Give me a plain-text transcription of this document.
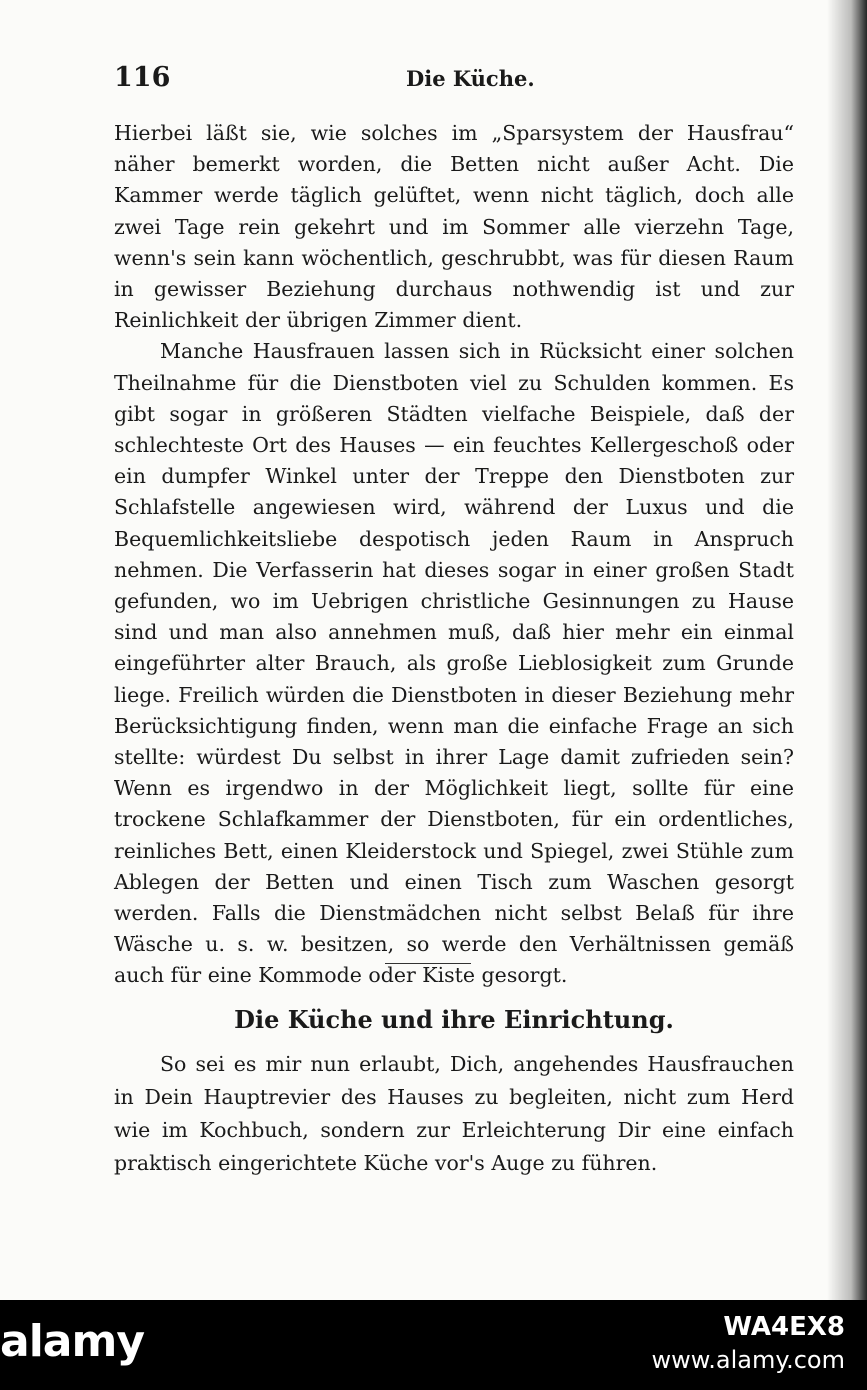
116	Die Küche.

Hierbei läßt sie, wie solches im „Sparsystem der Hausfrau“ näher bemerkt worden, die Betten nicht außer Acht. Die Kammer werde täglich gelüftet, wenn nicht täglich, doch alle zwei Tage rein gekehrt und im Sommer alle vierzehn Tage, wenn's sein kann wöchentlich, geschrubbt, was für diesen Raum in gewisser Beziehung durchaus nothwendig ist und zur Reinlichkeit der übrigen Zimmer dient.

Manche Hausfrauen lassen sich in Rücksicht einer solchen Theilnahme für die Dienstboten viel zu Schulden kommen. Es gibt sogar in größeren Städten vielfache Beispiele, daß der schlechteste Ort des Hauses — ein feuchtes Kellergeschoß oder ein dumpfer Winkel unter der Treppe den Dienstboten zur Schlafstelle angewiesen wird, während der Luxus und die Bequemlichkeitsliebe despotisch jeden Raum in Anspruch nehmen. Die Verfasserin hat dieses sogar in einer großen Stadt gefunden, wo im Uebrigen christliche Gesinnungen zu Hause sind und man also annehmen muß, daß hier mehr ein einmal eingeführter alter Brauch, als große Lieblosigkeit zum Grunde liege. Freilich würden die Dienstboten in dieser Beziehung mehr Berücksichtigung finden, wenn man die einfache Frage an sich stellte: würdest Du selbst in ihrer Lage damit zufrieden sein? Wenn es irgendwo in der Möglichkeit liegt, sollte für eine trockene Schlafkammer der Dienstboten, für ein ordentliches, reinliches Bett, einen Kleiderstock und Spiegel, zwei Stühle zum Ablegen der Betten und einen Tisch zum Waschen gesorgt werden. Falls die Dienstmädchen nicht selbst Belaß für ihre Wäsche u. s. w. besitzen, so werde den Verhältnissen gemäß auch für eine Kommode oder Kiste gesorgt.

Die Küche und ihre Einrichtung.

So sei es mir nun erlaubt, Dich, angehendes Hausfrauchen in Dein Hauptrevier des Hauses zu begleiten, nicht zum Herd wie im Kochbuch, sondern zur Erleichterung Dir eine einfach praktisch eingerichtete Küche vor's Auge zu führen.

alamy	WA4EX8
www.alamy.com
